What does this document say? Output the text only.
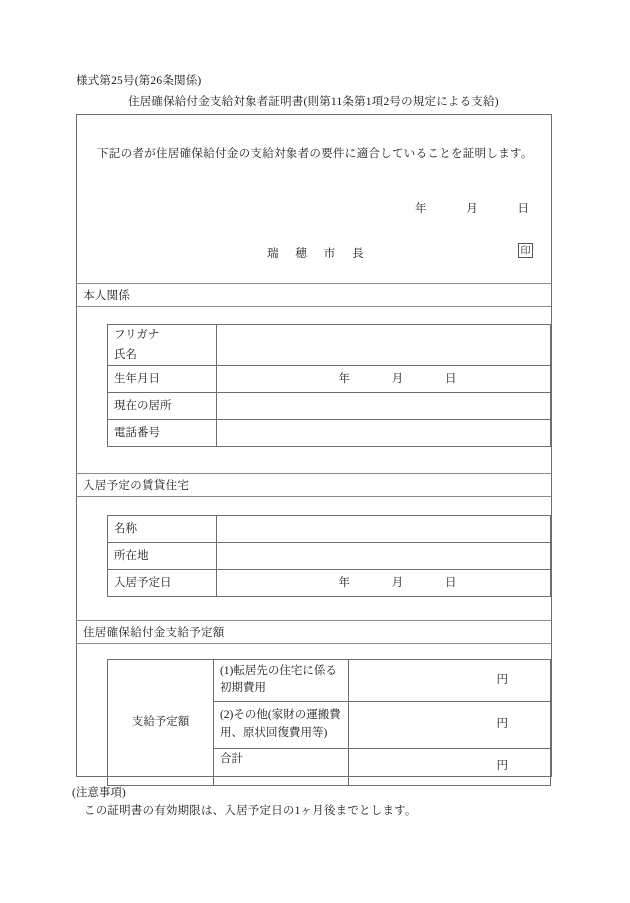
様式第25号(第26条関係)
住居確保給付金支給対象者証明書(則第11条第1項2号の規定による支給)
下記の者が住居確保給付金の支給対象者の要件に適合していることを証明します。
年	月	日
瑞 穂 市 長	印
本人関係
フリガナ
氏名	

生年月日	年 月 日

現在の居所	
電話番号	
入居予定の賃貸住宅
名称	
所在地	
入居予定日	年 月 日
住居確保給付金支給予定額
支給予定額	(1)転居先の住宅に係る初期費用	円

	(2)その他(家財の運搬費用、原状回復費用等)	円

	合計	円
(注意事項)
この証明書の有効期限は、入居予定日の1ヶ月後までとします。
